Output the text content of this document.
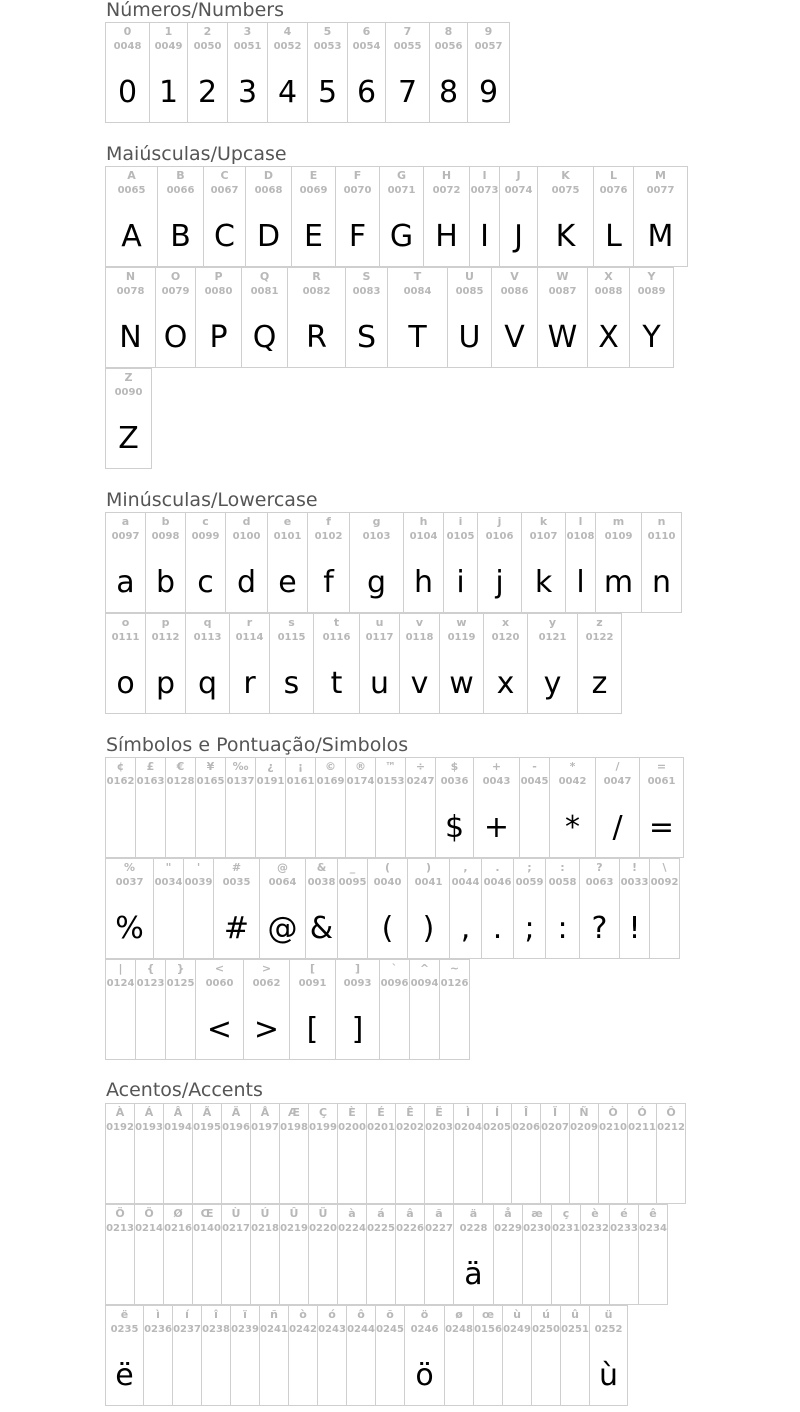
Números/Numbers
0
0048
0
1
0049
1
2
0050
2
3
0051
3
4
0052
4
5
0053
5
6
0054
6
7
0055
7
8
0056
8
9
0057
9
Maiúsculas/Upcase
A
0065
A
B
0066
B
C
0067
C
D
0068
D
E
0069
E
F
0070
F
G
0071
G
H
0072
H
I
0073
I
J
0074
J
K
0075
K
L
0076
L
M
0077
M
N
0078
N
O
0079
O
P
0080
P
Q
0081
Q
R
0082
R
S
0083
S
T
0084
T
U
0085
U
V
0086
V
W
0087
W
X
0088
X
Y
0089
Y
Z
0090
Z
Minúsculas/Lowercase
a
0097
a
b
0098
b
c
0099
c
d
0100
d
e
0101
e
f
0102
f
g
0103
g
h
0104
h
i
0105
i
j
0106
j
k
0107
k
l
0108
l
m
0109
m
n
0110
n
o
0111
o
p
0112
p
q
0113
q
r
0114
r
s
0115
s
t
0116
t
u
0117
u
v
0118
v
w
0119
w
x
0120
x
y
0121
y
z
0122
z
Símbolos e Pontuação/Simbolos
¢
0162
£
0163
€
0128
¥
0165
‰
0137
¿
0191
¡
0161
©
0169
®
0174
™
0153
÷
0247
$
0036
$
+
0043
+
-
0045
*
0042
*
/
0047
/
=
0061
=
%
0037
%
"
0034
'
0039
#
0035
#
@
0064
@
&
0038
&
_
0095
(
0040
(
)
0041
)
,
0044
,
.
0046
.
;
0059
;
:
0058
:
?
0063
?
!
0033
!
\
0092
|
0124
{
0123
}
0125
<
0060
<
>
0062
>
[
0091
[
]
0093
]
`
0096
^
0094
~
0126
Acentos/Accents
À
0192
Á
0193
Â
0194
Ã
0195
Ä
0196
Å
0197
Æ
0198
Ç
0199
È
0200
É
0201
Ê
0202
Ë
0203
Ì
0204
Í
0205
Î
0206
Ï
0207
Ñ
0209
Ò
0210
Ó
0211
Ô
0212
Ö
0213
Ö
0214
Ø
0216
Œ
0140
Ù
0217
Ú
0218
Û
0219
Ü
0220
à
0224
á
0225
â
0226
ã
0227
ä
0228
ä
å
0229
æ
0230
ç
0231
è
0232
é
0233
ê
0234
ë
0235
ë
ì
0236
í
0237
î
0238
ï
0239
ñ
0241
ò
0242
ó
0243
ô
0244
õ
0245
ö
0246
ö
ø
0248
œ
0156
ù
0249
ú
0250
û
0251
ü
0252
ù
